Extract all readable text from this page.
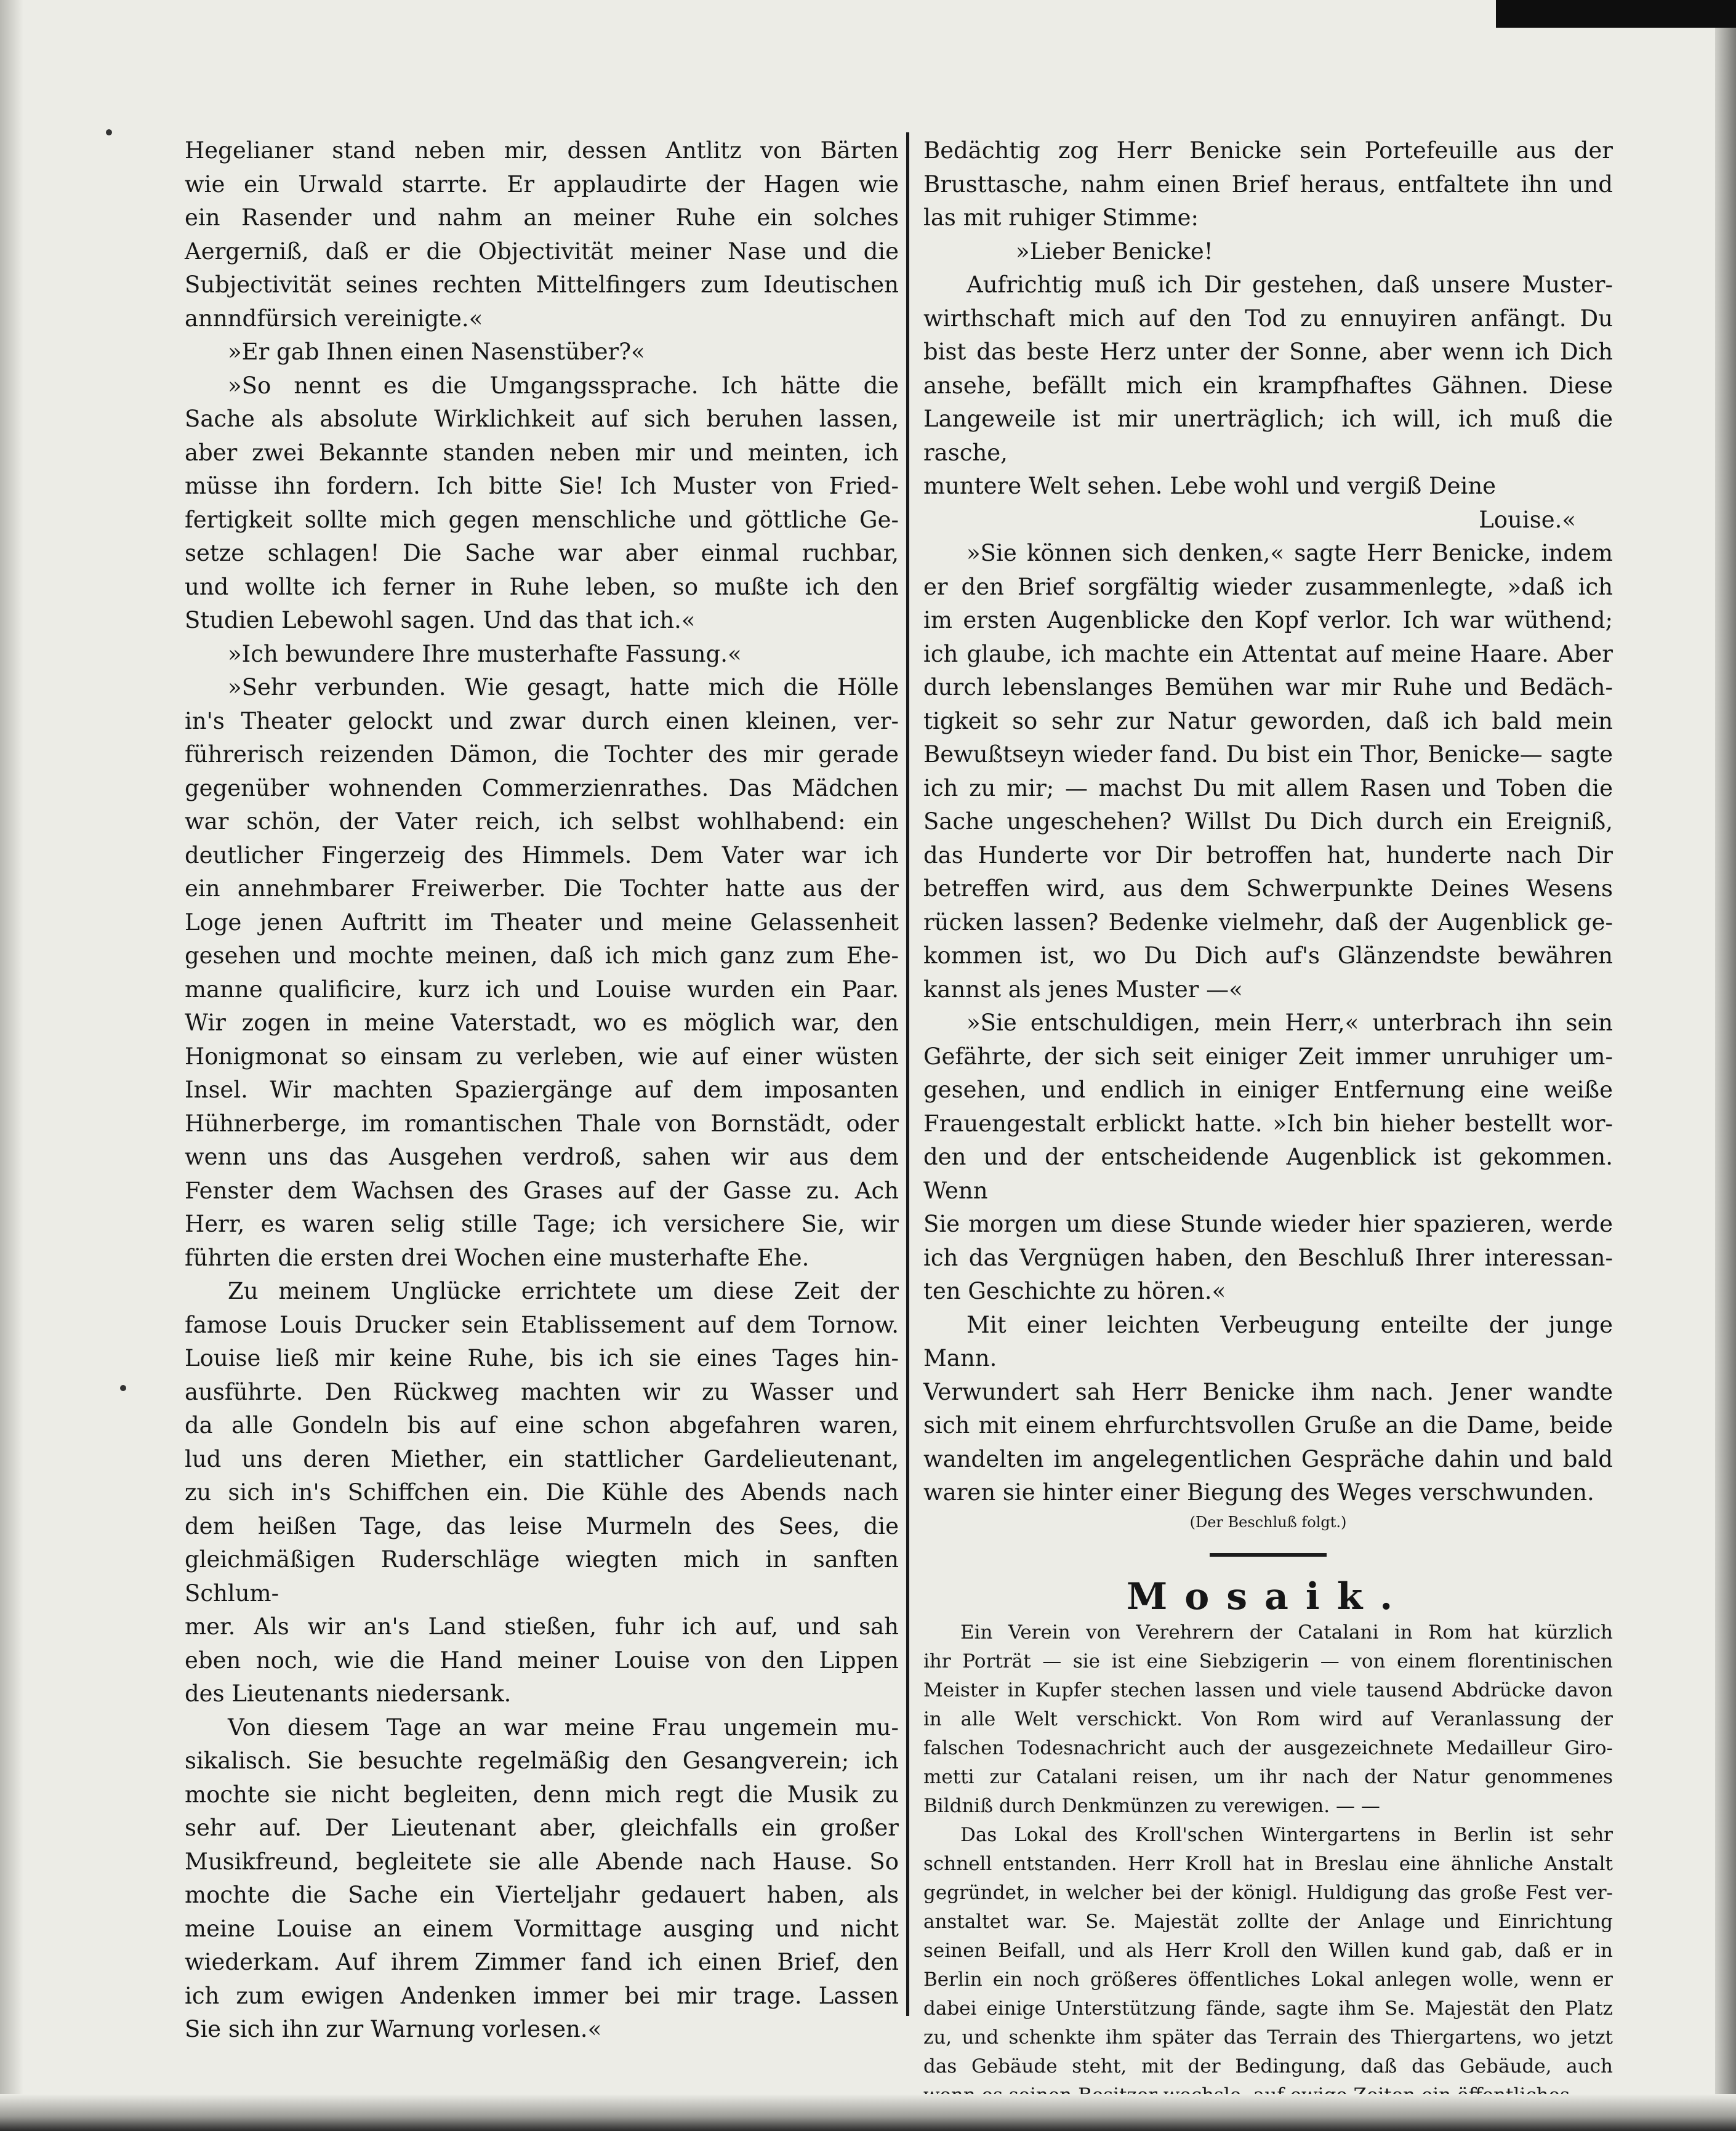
Hegelianer stand neben mir, dessen Antlitz von Bärten
wie ein Urwald starrte. Er applaudirte der Hagen wie
ein Rasender und nahm an meiner Ruhe ein solches
Aergerniß, daß er die Objectivität meiner Nase und die
Subjectivität seines rechten Mittelfingers zum Ideutischen
annndfürsich vereinigte.«

»Er gab Ihnen einen Nasenstüber?«

»So nennt es die Umgangssprache. Ich hätte die
Sache als absolute Wirklichkeit auf sich beruhen lassen,
aber zwei Bekannte standen neben mir und meinten, ich
müsse ihn fordern. Ich bitte Sie! Ich Muster von Fried-
fertigkeit sollte mich gegen menschliche und göttliche Ge-
setze schlagen! Die Sache war aber einmal ruchbar,
und wollte ich ferner in Ruhe leben, so mußte ich den
Studien Lebewohl sagen. Und das that ich.«

»Ich bewundere Ihre musterhafte Fassung.«

»Sehr verbunden. Wie gesagt, hatte mich die Hölle
in's Theater gelockt und zwar durch einen kleinen, ver-
führerisch reizenden Dämon, die Tochter des mir gerade
gegenüber wohnenden Commerzienrathes. Das Mädchen
war schön, der Vater reich, ich selbst wohlhabend: ein
deutlicher Fingerzeig des Himmels. Dem Vater war ich
ein annehmbarer Freiwerber. Die Tochter hatte aus der
Loge jenen Auftritt im Theater und meine Gelassenheit
gesehen und mochte meinen, daß ich mich ganz zum Ehe-
manne qualificire, kurz ich und Louise wurden ein Paar.
Wir zogen in meine Vaterstadt, wo es möglich war, den
Honigmonat so einsam zu verleben, wie auf einer wüsten
Insel. Wir machten Spaziergänge auf dem imposanten
Hühnerberge, im romantischen Thale von Bornstädt, oder
wenn uns das Ausgehen verdroß, sahen wir aus dem
Fenster dem Wachsen des Grases auf der Gasse zu. Ach
Herr, es waren selig stille Tage; ich versichere Sie, wir
führten die ersten drei Wochen eine musterhafte Ehe.

Zu meinem Unglücke errichtete um diese Zeit der
famose Louis Drucker sein Etablissement auf dem Tornow.
Louise ließ mir keine Ruhe, bis ich sie eines Tages hin-
ausführte. Den Rückweg machten wir zu Wasser und
da alle Gondeln bis auf eine schon abgefahren waren,
lud uns deren Miether, ein stattlicher Gardelieutenant,
zu sich in's Schiffchen ein. Die Kühle des Abends nach
dem heißen Tage, das leise Murmeln des Sees, die
gleichmäßigen Ruderschläge wiegten mich in sanften Schlum-
mer. Als wir an's Land stießen, fuhr ich auf, und sah
eben noch, wie die Hand meiner Louise von den Lippen
des Lieutenants niedersank.

Von diesem Tage an war meine Frau ungemein mu-
sikalisch. Sie besuchte regelmäßig den Gesangverein; ich
mochte sie nicht begleiten, denn mich regt die Musik zu
sehr auf. Der Lieutenant aber, gleichfalls ein großer
Musikfreund, begleitete sie alle Abende nach Hause. So
mochte die Sache ein Vierteljahr gedauert haben, als
meine Louise an einem Vormittage ausging und nicht
wiederkam. Auf ihrem Zimmer fand ich einen Brief, den
ich zum ewigen Andenken immer bei mir trage. Lassen
Sie sich ihn zur Warnung vorlesen.«

Bedächtig zog Herr Benicke sein Portefeuille aus der
Brusttasche, nahm einen Brief heraus, entfaltete ihn und
las mit ruhiger Stimme:

»Lieber Benicke!

Aufrichtig muß ich Dir gestehen, daß unsere Muster-
wirthschaft mich auf den Tod zu ennuyiren anfängt. Du
bist das beste Herz unter der Sonne, aber wenn ich Dich
ansehe, befällt mich ein krampfhaftes Gähnen. Diese
Langeweile ist mir unerträglich; ich will, ich muß die rasche,
muntere Welt sehen. Lebe wohl und vergiß Deine

Louise.«

»Sie können sich denken,« sagte Herr Benicke, indem
er den Brief sorgfältig wieder zusammenlegte, »daß ich
im ersten Augenblicke den Kopf verlor. Ich war wüthend;
ich glaube, ich machte ein Attentat auf meine Haare. Aber
durch lebenslanges Bemühen war mir Ruhe und Bedäch-
tigkeit so sehr zur Natur geworden, daß ich bald mein
Bewußtseyn wieder fand. Du bist ein Thor, Benicke— sagte
ich zu mir; — machst Du mit allem Rasen und Toben die
Sache ungeschehen? Willst Du Dich durch ein Ereigniß,
das Hunderte vor Dir betroffen hat, hunderte nach Dir
betreffen wird, aus dem Schwerpunkte Deines Wesens
rücken lassen? Bedenke vielmehr, daß der Augenblick ge-
kommen ist, wo Du Dich auf's Glänzendste bewähren
kannst als jenes Muster —«

»Sie entschuldigen, mein Herr,« unterbrach ihn sein
Gefährte, der sich seit einiger Zeit immer unruhiger um-
gesehen, und endlich in einiger Entfernung eine weiße
Frauengestalt erblickt hatte. »Ich bin hieher bestellt wor-
den und der entscheidende Augenblick ist gekommen. Wenn
Sie morgen um diese Stunde wieder hier spazieren, werde
ich das Vergnügen haben, den Beschluß Ihrer interessan-
ten Geschichte zu hören.«

Mit einer leichten Verbeugung enteilte der junge Mann.
Verwundert sah Herr Benicke ihm nach. Jener wandte
sich mit einem ehrfurchtsvollen Gruße an die Dame, beide
wandelten im angelegentlichen Gespräche dahin und bald
waren sie hinter einer Biegung des Weges verschwunden.

(Der Beschluß folgt.)

Mosaik.

Ein Verein von Verehrern der Catalani in Rom hat kürzlich
ihr Porträt — sie ist eine Siebzigerin — von einem florentinischen
Meister in Kupfer stechen lassen und viele tausend Abdrücke davon
in alle Welt verschickt. Von Rom wird auf Veranlassung der
falschen Todesnachricht auch der ausgezeichnete Medailleur Giro-
metti zur Catalani reisen, um ihr nach der Natur genommenes
Bildniß durch Denkmünzen zu verewigen. — —

Das Lokal des Kroll'schen Wintergartens in Berlin ist sehr
schnell entstanden. Herr Kroll hat in Breslau eine ähnliche Anstalt
gegründet, in welcher bei der königl. Huldigung das große Fest ver-
anstaltet war. Se. Majestät zollte der Anlage und Einrichtung
seinen Beifall, und als Herr Kroll den Willen kund gab, daß er in
Berlin ein noch größeres öffentliches Lokal anlegen wolle, wenn er
dabei einige Unterstützung fände, sagte ihm Se. Majestät den Platz
zu, und schenkte ihm später das Terrain des Thiergartens, wo jetzt
das Gebäude steht, mit der Bedingung, daß das Gebäude, auch
